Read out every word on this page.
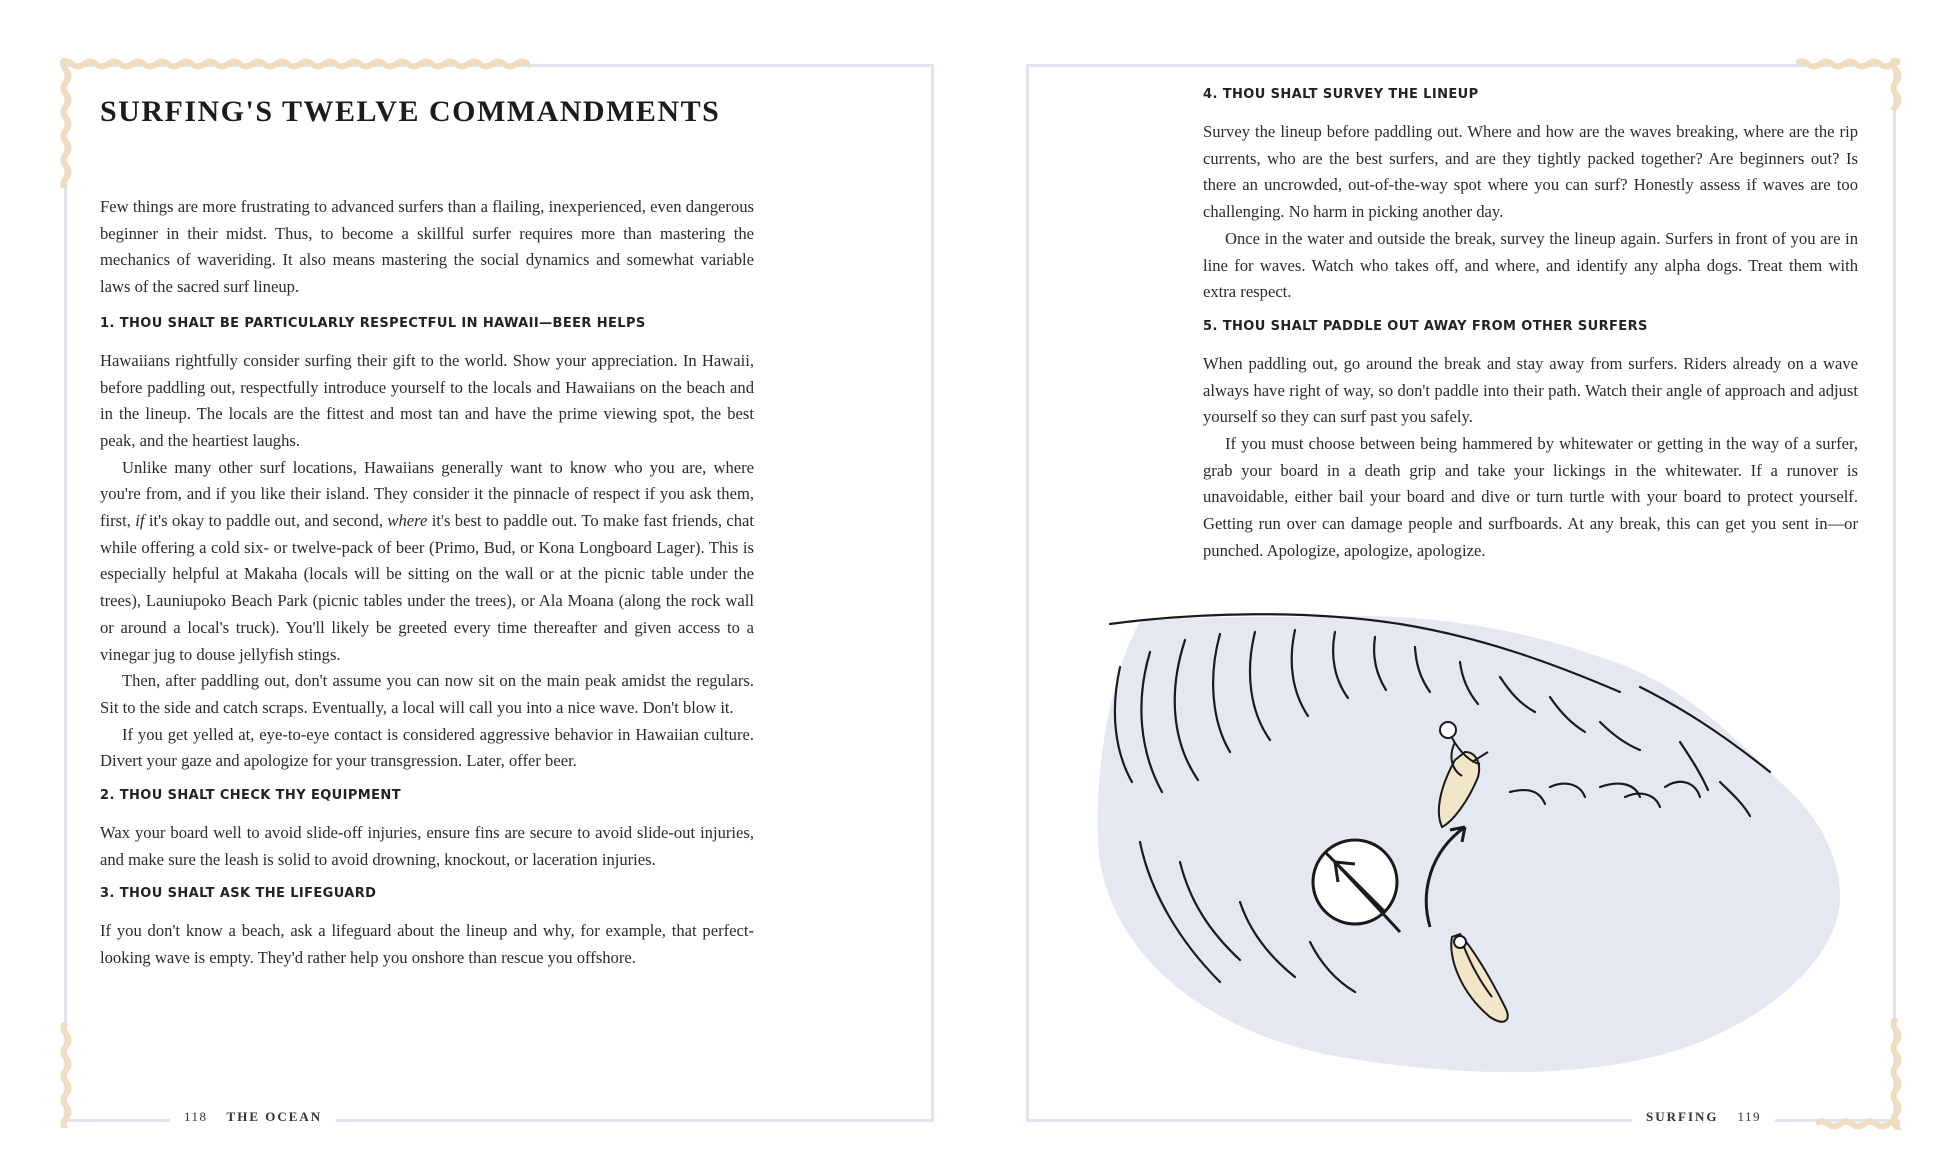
SURFING'S TWELVE COMMANDMENTS

Few things are more frustrating to advanced surfers than a flailing, inexperienced, even dangerous beginner in their midst. Thus, to become a skillful surfer requires more than mastering the mechanics of waveriding. It also means mastering the social dynamics and somewhat variable laws of the sacred surf lineup.

1. THOU SHALT BE PARTICULARLY RESPECTFUL IN HAWAII—BEER HELPS

Hawaiians rightfully consider surfing their gift to the world. Show your appreciation. In Hawaii, before paddling out, respectfully introduce yourself to the locals and Hawaiians on the beach and in the lineup. The locals are the fittest and most tan and have the prime viewing spot, the best peak, and the heartiest laughs.

Unlike many other surf locations, Hawaiians generally want to know who you are, where you're from, and if you like their island. They consider it the pinnacle of respect if you ask them, first, if it's okay to paddle out, and second, where it's best to paddle out. To make fast friends, chat while offering a cold six- or twelve-pack of beer (Primo, Bud, or Kona Longboard Lager). This is especially helpful at Makaha (locals will be sitting on the wall or at the picnic table under the trees), Launiupoko Beach Park (picnic tables under the trees), or Ala Moana (along the rock wall or around a local's truck). You'll likely be greeted every time thereafter and given access to a vinegar jug to douse jellyfish stings.

Then, after paddling out, don't assume you can now sit on the main peak amidst the regulars. Sit to the side and catch scraps. Eventually, a local will call you into a nice wave. Don't blow it.

If you get yelled at, eye-to-eye contact is considered aggressive behavior in Hawaiian culture. Divert your gaze and apologize for your transgression. Later, offer beer.

2. THOU SHALT CHECK THY EQUIPMENT

Wax your board well to avoid slide-off injuries, ensure fins are secure to avoid slide-out injuries, and make sure the leash is solid to avoid drowning, knockout, or laceration injuries.

3. THOU SHALT ASK THE LIFEGUARD

If you don't know a beach, ask a lifeguard about the lineup and why, for example, that perfect-looking wave is empty. They'd rather help you onshore than rescue you offshore.

118 THE OCEAN
4. THOU SHALT SURVEY THE LINEUP

Survey the lineup before paddling out. Where and how are the waves breaking, where are the rip currents, who are the best surfers, and are they tightly packed together? Are beginners out? Is there an uncrowded, out-of-the-way spot where you can surf? Honestly assess if waves are too challenging. No harm in picking another day.

Once in the water and outside the break, survey the lineup again. Surfers in front of you are in line for waves. Watch who takes off, and where, and identify any alpha dogs. Treat them with extra respect.

5. THOU SHALT PADDLE OUT AWAY FROM OTHER SURFERS

When paddling out, go around the break and stay away from surfers. Riders already on a wave always have right of way, so don't paddle into their path. Watch their angle of approach and adjust yourself so they can surf past you safely.

If you must choose between being hammered by whitewater or getting in the way of a surfer, grab your board in a death grip and take your lickings in the whitewater. If a runover is unavoidable, either bail your board and dive or turn turtle with your board to protect yourself. Getting run over can damage people and surfboards. At any break, this can get you sent in—or punched. Apologize, apologize, apologize.

SURFING 119
